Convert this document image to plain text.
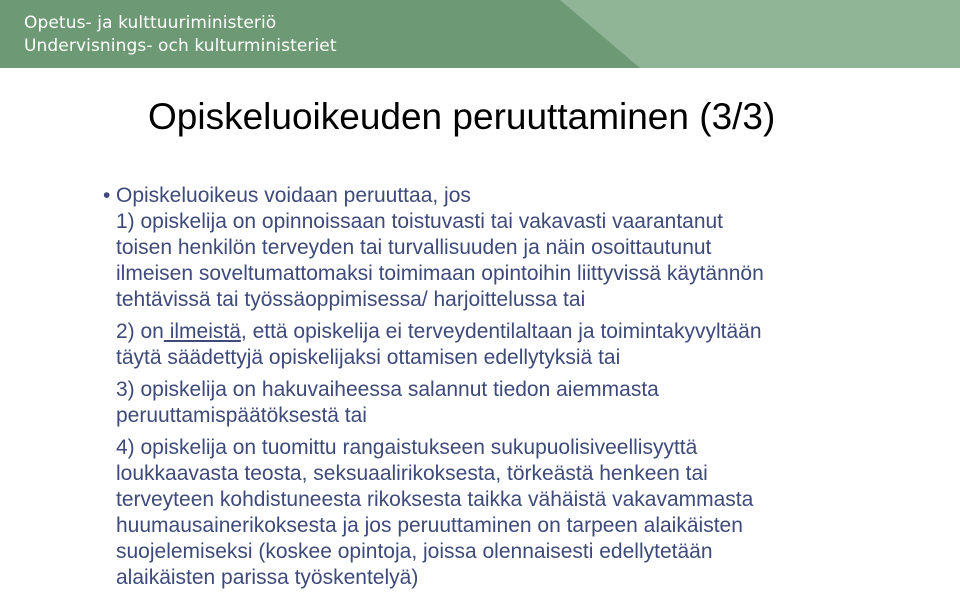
Opetus- ja kulttuuriministeriö
Undervisnings- och kulturministeriet
Opiskeluoikeuden peruuttaminen (3/3)
• Opiskeluoikeus voidaan peruuttaa, jos

1) opiskelija on opinnoissaan toistuvasti tai vakavasti vaarantanut

toisen henkilön terveyden tai turvallisuuden ja näin osoittautunut

ilmeisen soveltumattomaksi toimimaan opintoihin liittyvissä käytännön

tehtävissä tai työssäoppimisessa/ harjoittelussa tai

2) on ilmeistä, että opiskelija ei terveydentilaltaan ja toimintakyvyltään

täytä säädettyjä opiskelijaksi ottamisen edellytyksiä tai

3) opiskelija on hakuvaiheessa salannut tiedon aiemmasta

peruuttamispäätöksestä tai

4) opiskelija on tuomittu rangaistukseen sukupuolisiveellisyyttä

loukkaavasta teosta, seksuaalirikoksesta, törkeästä henkeen tai

terveyteen kohdistuneesta rikoksesta taikka vähäistä vakavammasta

huumausainerikoksesta ja jos peruuttaminen on tarpeen alaikäisten

suojelemiseksi (koskee opintoja, joissa olennaisesti edellytetään

alaikäisten parissa työskentelyä)
